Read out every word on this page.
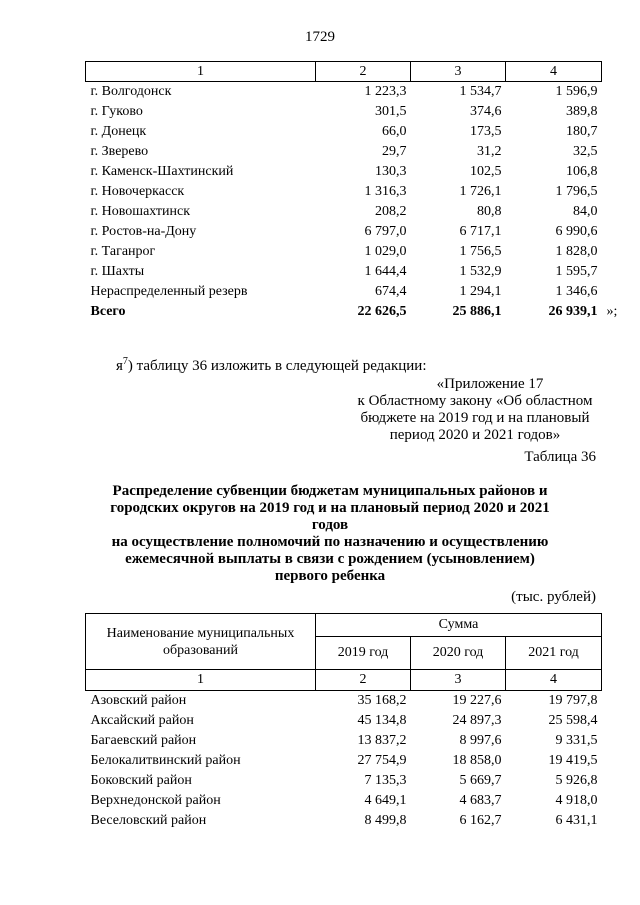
1729
1	2	3	4
г. Волгодонск	1 223,3	1 534,7	1 596,9
г. Гуково	301,5	374,6	389,8
г. Донецк	66,0	173,5	180,7
г. Зверево	29,7	31,2	32,5
г. Каменск-Шахтинский	130,3	102,5	106,8
г. Новочеркасск	1 316,3	1 726,1	1 796,5
г. Новошахтинск	208,2	80,8	84,0
г. Ростов-на-Дону	6 797,0	6 717,1	6 990,6
г. Таганрог	1 029,0	1 756,5	1 828,0
г. Шахты	1 644,4	1 532,9	1 595,7
Нераспределенный резерв	674,4	1 294,1	1 346,6
Всего	22 626,5	25 886,1	26 939,1 »;
$я^7$) таблицу 36 изложить в следующей редакции:
«Приложение 17
к Областному закону «Об областном
бюджете на 2019 год и на плановый
период 2020 и 2021 годов»
Таблица 36
Распределение субвенции бюджетам муниципальных районов и
городских округов на 2019 год и на плановый период 2020 и 2021 годов
на осуществление полномочий по назначению и осуществлению
ежемесячной выплаты в связи с рождением (усыновлением)
первого ребенка
(тыс. рублей)
Наименование муниципальных образований	Сумма		
	2019 год	2020 год	2021 год
1	2	3	4
Азовский район	35 168,2	19 227,6	19 797,8
Аксайский район	45 134,8	24 897,3	25 598,4
Багаевский район	13 837,2	8 997,6	9 331,5
Белокалитвинский район	27 754,9	18 858,0	19 419,5
Боковский район	7 135,3	5 669,7	5 926,8
Верхнедонской район	4 649,1	4 683,7	4 918,0
Веселовский район	8 499,8	6 162,7	6 431,1
